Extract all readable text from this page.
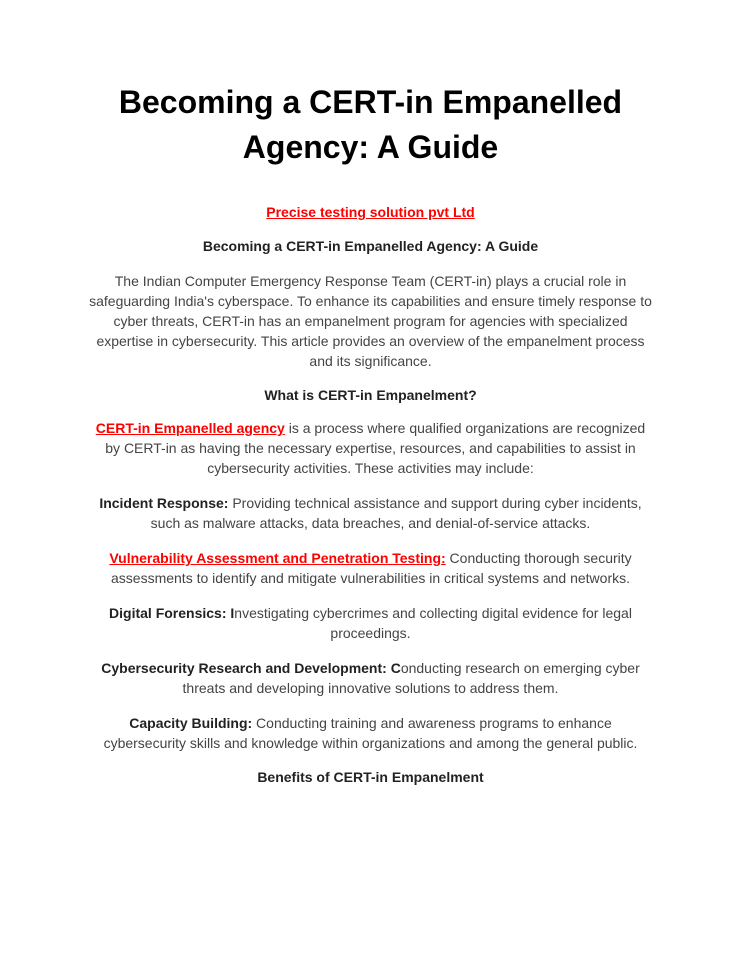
Becoming a CERT-in Empanelled Agency: A Guide
Precise testing solution pvt Ltd

Becoming a CERT-in Empanelled Agency: A Guide

The Indian Computer Emergency Response Team (CERT-in) plays a crucial role in safeguarding India's cyberspace. To enhance its capabilities and ensure timely response to cyber threats, CERT-in has an empanelment program for agencies with specialized expertise in cybersecurity. This article provides an overview of the empanelment process and its significance.

What is CERT-in Empanelment?

CERT-in Empanelled agency is a process where qualified organizations are recognized by CERT-in as having the necessary expertise, resources, and capabilities to assist in cybersecurity activities. These activities may include:

Incident Response: Providing technical assistance and support during cyber incidents, such as malware attacks, data breaches, and denial-of-service attacks.

Vulnerability Assessment and Penetration Testing: Conducting thorough security assessments to identify and mitigate vulnerabilities in critical systems and networks.

Digital Forensics: Investigating cybercrimes and collecting digital evidence for legal proceedings.

Cybersecurity Research and Development: Conducting research on emerging cyber threats and developing innovative solutions to address them.

Capacity Building: Conducting training and awareness programs to enhance cybersecurity skills and knowledge within organizations and among the general public.

Benefits of CERT-in Empanelment
